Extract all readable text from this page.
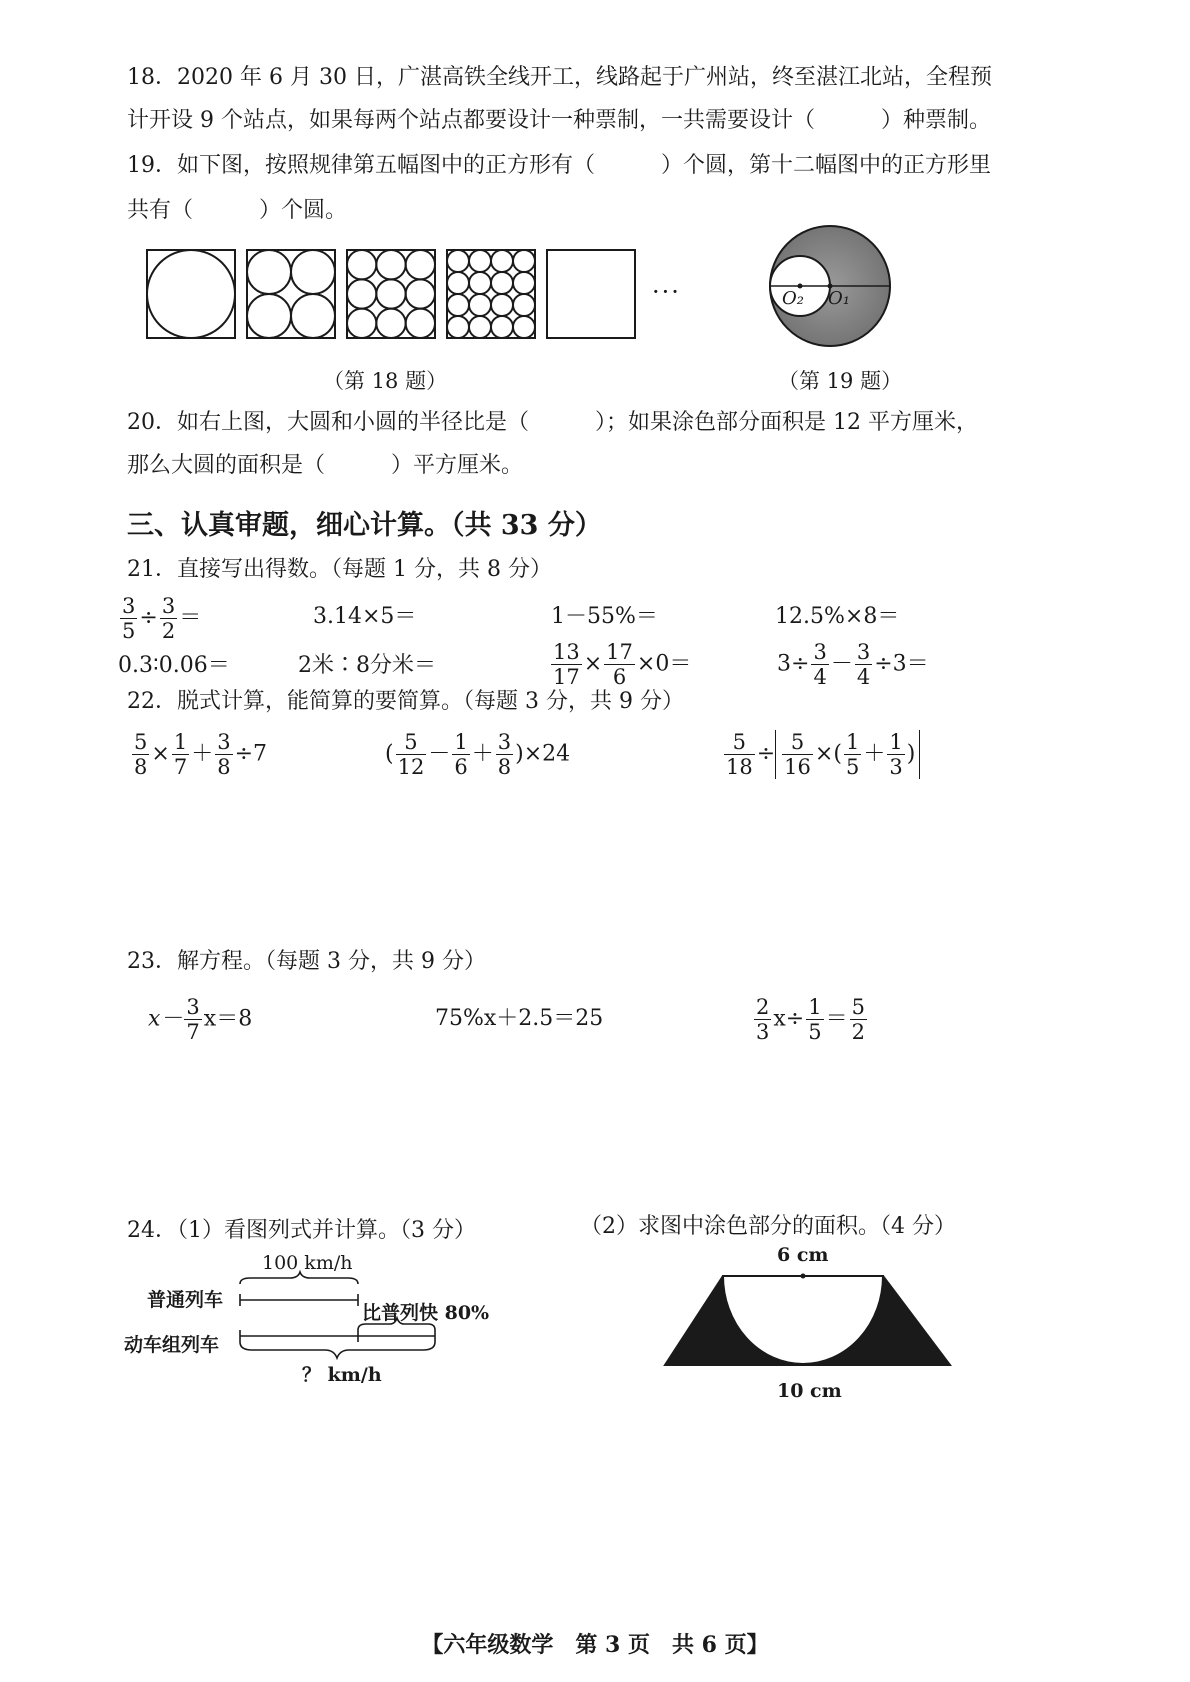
18．2020 年 6 月 30 日，广湛高铁全线开工，线路起于广州站，终至湛江北站，全程预
计开设 9 个站点，如果每两个站点都要设计一种票制，一共需要设计（　　　）种票制。
19．如下图，按照规律第五幅图中的正方形有（　　　）个圆，第十二幅图中的正方形里
共有（　　　）个圆。
···	O₂ O₁
（第 18 题）	（第 19 题）
20．如右上图，大圆和小圆的半径比是（　　　）；如果涂色部分面积是 12 平方厘米，
那么大圆的面积是（　　　）平方厘米。
三、认真审题，细心计算。（共 33 分）
21．直接写出得数。（每题 1 分，共 8 分）
$\frac{3}{5} \div \frac{3}{2}$ ＝	3.14×5＝	1－55%＝	12.5%×8＝
0.3∶0.06＝	2米∶8分米＝	$\frac{13}{17} \times \frac{17}{6} \times 0=$	$3\div \frac{3}{4} - \frac{3}{4} \div 3=$
22．脱式计算，能简算的要简算。（每题 3 分，共 9 分）
$\frac{5}{8} \times \frac{1}{7} + \frac{3}{8} \div 7$	( $\frac{5}{12} - \frac{1}{6} + \frac{3}{8} )\times 24$	$\frac{5}{18} \div \frac{5}{16}$ ×( $\frac{1}{5} + \frac{1}{3}$ )
23．解方程。（每题 3 分，共 9 分）
$x- \frac{3}{7} x=8$	75%x＋2.5＝25	$\frac{2}{3} x\div \frac{1}{5} = \frac{5}{2}$
24．（1）看图列式并计算。（3 分）	（2）求图中涂色部分的面积。（4 分）
100 km/h
普通列车
比普列快 80%
动车组列车
？ km/h
6 cm
10 cm
【六年级数学　第 3 页　共 6 页】
